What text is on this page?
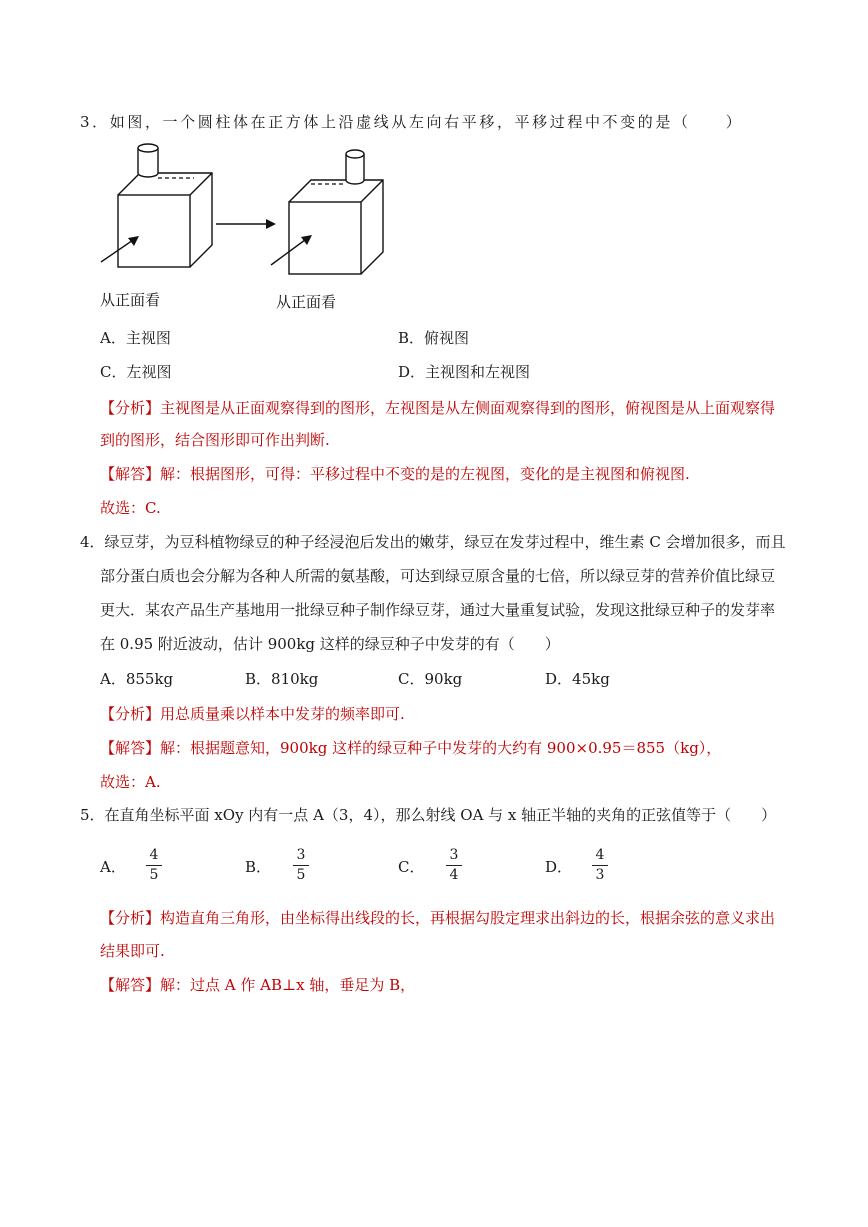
3．如图，一个圆柱体在正方体上沿虚线从左向右平移，平移过程中不变的是（　　）
从正面看	从正面看
A．主视图	B．俯视图
C．左视图	D．主视图和左视图
【分析】主视图是从正面观察得到的图形，左视图是从左侧面观察得到的图形，俯视图是从上面观察得
到的图形，结合图形即可作出判断.
【解答】解：根据图形，可得：平移过程中不变的是的左视图，变化的是主视图和俯视图.
故选：C.
4．绿豆芽，为豆科植物绿豆的种子经浸泡后发出的嫩芽，绿豆在发芽过程中，维生素 C 会增加很多，而且
部分蛋白质也会分解为各种人所需的氨基酸，可达到绿豆原含量的七倍，所以绿豆芽的营养价值比绿豆
更大．某农产品生产基地用一批绿豆种子制作绿豆芽，通过大量重复试验，发现这批绿豆种子的发芽率
在 0.95 附近波动，估计 900kg 这样的绿豆种子中发芽的有（　　）
A．855kg	B．810kg	C．90kg	D．45kg
【分析】用总质量乘以样本中发芽的频率即可.
【解答】解：根据题意知，900kg 这样的绿豆种子中发芽的大约有 900×0.95＝855（kg），
故选：A.
5．在直角坐标平面 xOy 内有一点 A（3，4），那么射线 OA 与 x 轴正半轴的夹角的正弦值等于（　　）
A．
4
5	B．
3
5	C．
3
4	D．
4
3
【分析】构造直角三角形，由坐标得出线段的长，再根据勾股定理求出斜边的长，根据余弦的意义求出
结果即可.
【解答】解：过点 A 作 AB⊥x 轴，垂足为 B，
